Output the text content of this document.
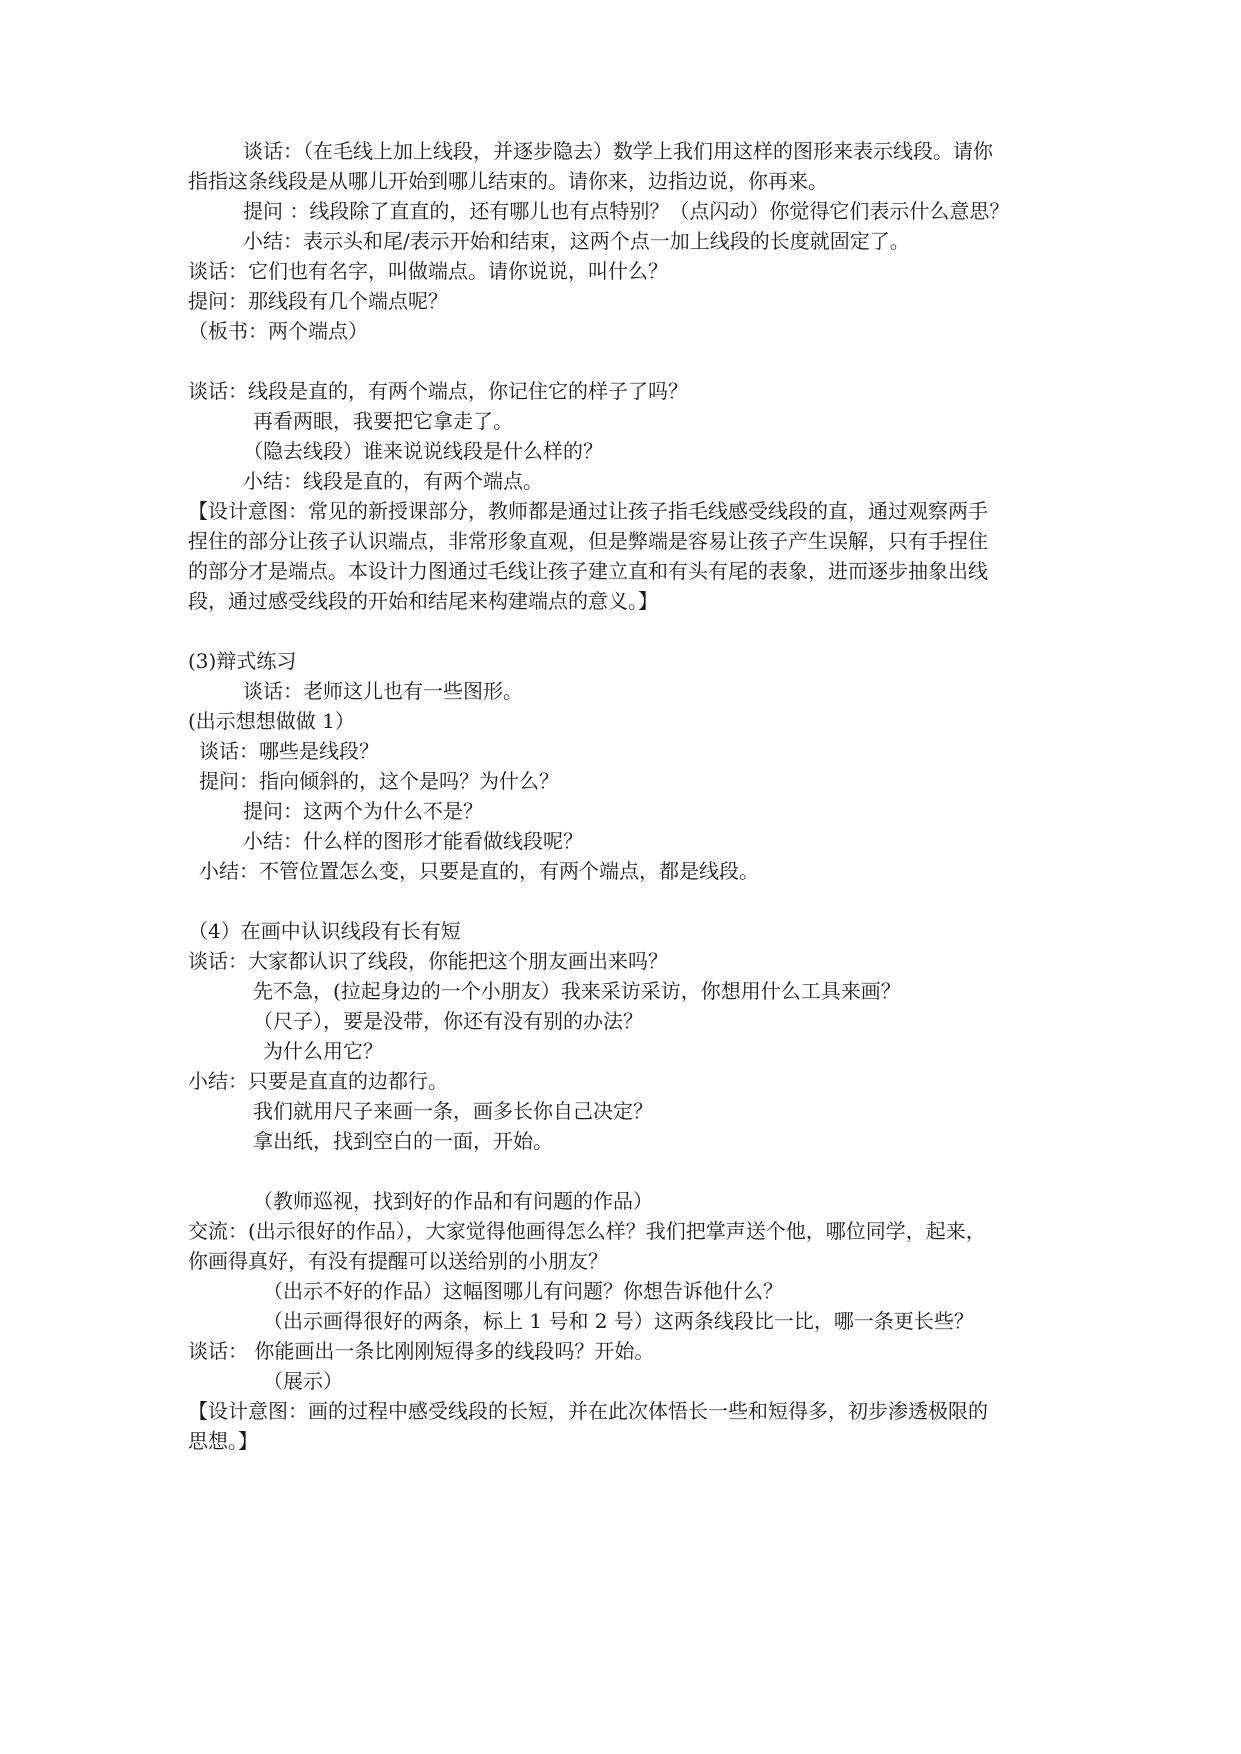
谈话：（在毛线上加上线段，并逐步隐去）数学上我们用这样的图形来表示线段。请你
指指这条线段是从哪儿开始到哪儿结束的。请你来，边指边说，你再来。
提问 ：线段除了直直的，还有哪儿也有点特别？（点闪动）你觉得它们表示什么意思？
小结：表示头和尾/表示开始和结束，这两个点一加上线段的长度就固定了。
谈话：它们也有名字，叫做端点。请你说说，叫什么？
提问：那线段有几个端点呢？
（板书：两个端点）
谈话：线段是直的，有两个端点，你记住它的样子了吗？
再看两眼，我要把它拿走了。
（隐去线段）谁来说说线段是什么样的？
小结：线段是直的，有两个端点。
【设计意图：常见的新授课部分，教师都是通过让孩子指毛线感受线段的直，通过观察两手
捏住的部分让孩子认识端点，非常形象直观，但是弊端是容易让孩子产生误解，只有手捏住
的部分才是端点。本设计力图通过毛线让孩子建立直和有头有尾的表象，进而逐步抽象出线
段，通过感受线段的开始和结尾来构建端点的意义。】
(3)辩式练习
谈话：老师这儿也有一些图形。
(出示想想做做 1）
谈话：哪些是线段？
提问：指向倾斜的，这个是吗？为什么？
提问：这两个为什么不是？
小结：什么样的图形才能看做线段呢？
小结：不管位置怎么变，只要是直的，有两个端点，都是线段。
（4）在画中认识线段有长有短
谈话：大家都认识了线段，你能把这个朋友画出来吗？
先不急，(拉起身边的一个小朋友）我来采访采访，你想用什么工具来画？
（尺子），要是没带，你还有没有别的办法？
为什么用它？
小结：只要是直直的边都行。
我们就用尺子来画一条，画多长你自己决定？
拿出纸，找到空白的一面，开始。
（教师巡视，找到好的作品和有问题的作品）
交流：(出示很好的作品），大家觉得他画得怎么样？我们把掌声送个他，哪位同学，起来，
你画得真好，有没有提醒可以送给别的小朋友？
（出示不好的作品）这幅图哪儿有问题？你想告诉他什么？
（出示画得很好的两条，标上 1 号和 2 号）这两条线段比一比，哪一条更长些？
谈话： 你能画出一条比刚刚短得多的线段吗？开始。
（展示）
【设计意图：画的过程中感受线段的长短，并在此次体悟长一些和短得多，初步渗透极限的
思想。】
